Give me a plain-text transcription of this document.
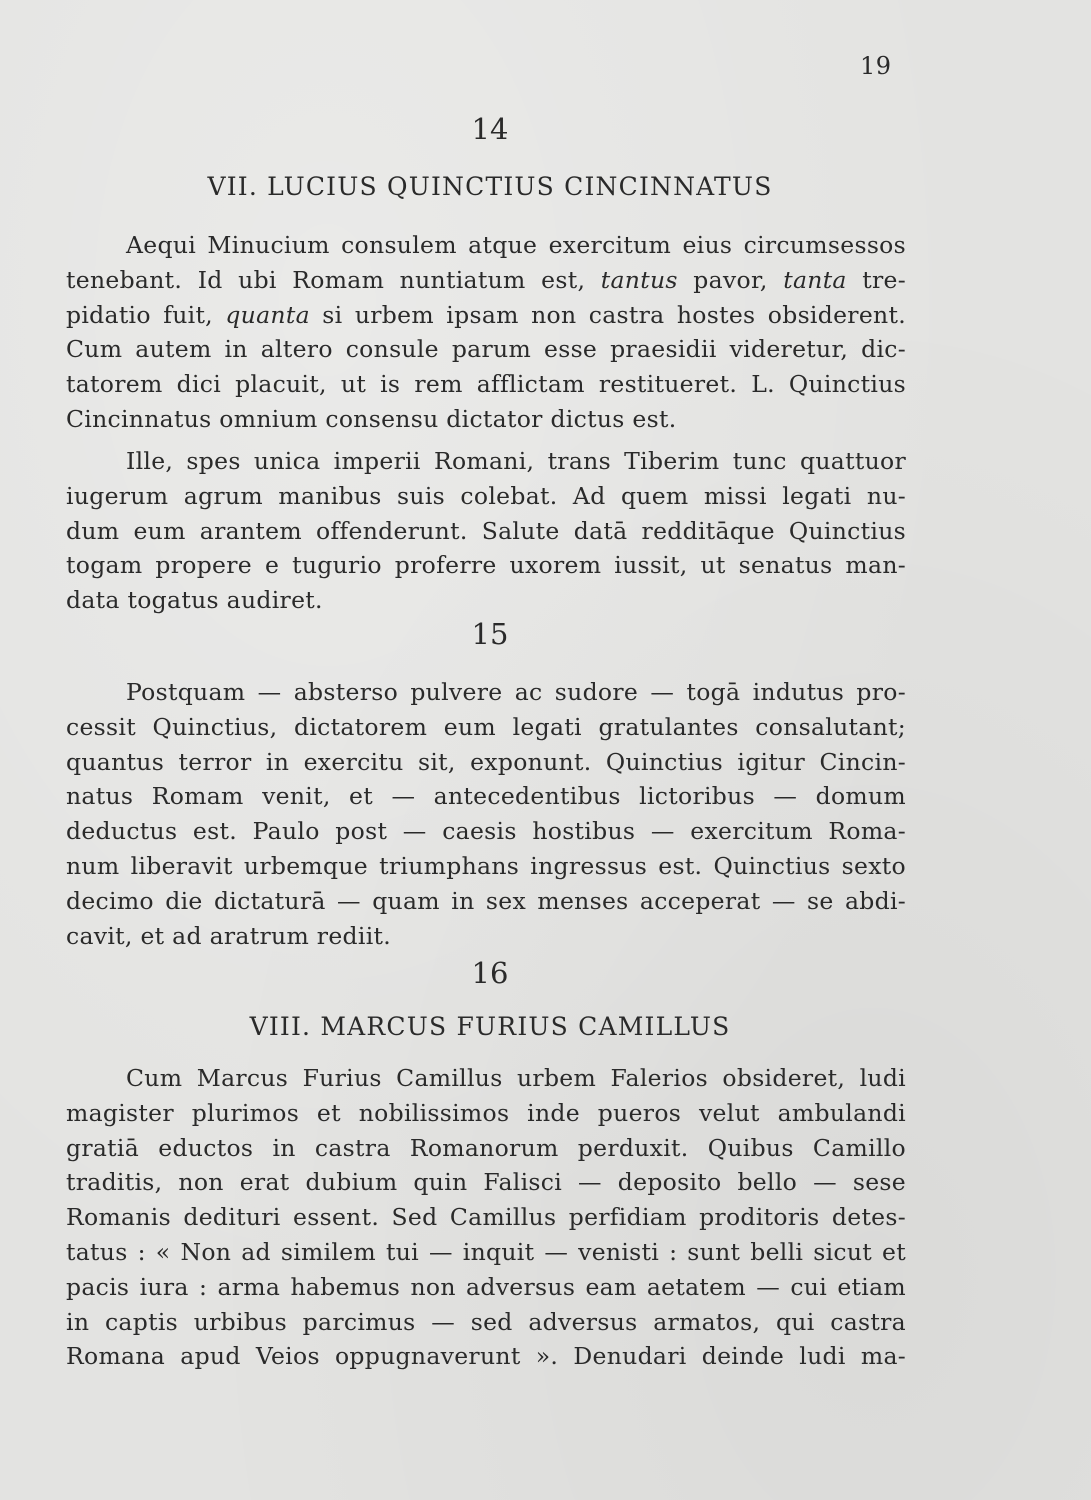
19
14
VII. LUCIUS QUINCTIUS CINCINNATUS
Aequi Minucium consulem atque exercitum eius circumsessos
tenebant. Id ubi Romam nuntiatum est, tantus pavor, tanta tre-
pidatio fuit, quanta si urbem ipsam non castra hostes obsiderent.
Cum autem in altero consule parum esse praesidii videretur, dic-
tatorem dici placuit, ut is rem afflictam restitueret. L. Quinctius
Cincinnatus omnium consensu dictator dictus est.
Ille, spes unica imperii Romani, trans Tiberim tunc quattuor
iugerum agrum manibus suis colebat. Ad quem missi legati nu-
dum eum arantem offenderunt. Salute datā redditāque Quinctius
togam propere e tugurio proferre uxorem iussit, ut senatus man-
data togatus audiret.
15
Postquam — absterso pulvere ac sudore — togā indutus pro-
cessit Quinctius, dictatorem eum legati gratulantes consalutant;
quantus terror in exercitu sit, exponunt. Quinctius igitur Cincin-
natus Romam venit, et — antecedentibus lictoribus — domum
deductus est. Paulo post — caesis hostibus — exercitum Roma-
num liberavit urbemque triumphans ingressus est. Quinctius sexto
decimo die dictaturā — quam in sex menses acceperat — se abdi-
cavit, et ad aratrum rediit.
16
VIII. MARCUS FURIUS CAMILLUS
Cum Marcus Furius Camillus urbem Falerios obsideret, ludi
magister plurimos et nobilissimos inde pueros velut ambulandi
gratiā eductos in castra Romanorum perduxit. Quibus Camillo
traditis, non erat dubium quin Falisci — deposito bello — sese
Romanis dedituri essent. Sed Camillus perfidiam proditoris detes-
tatus : « Non ad similem tui — inquit — venisti : sunt belli sicut et
pacis iura : arma habemus non adversus eam aetatem — cui etiam
in captis urbibus parcimus — sed adversus armatos, qui castra
Romana apud Veios oppugnaverunt ». Denudari deinde ludi ma-
